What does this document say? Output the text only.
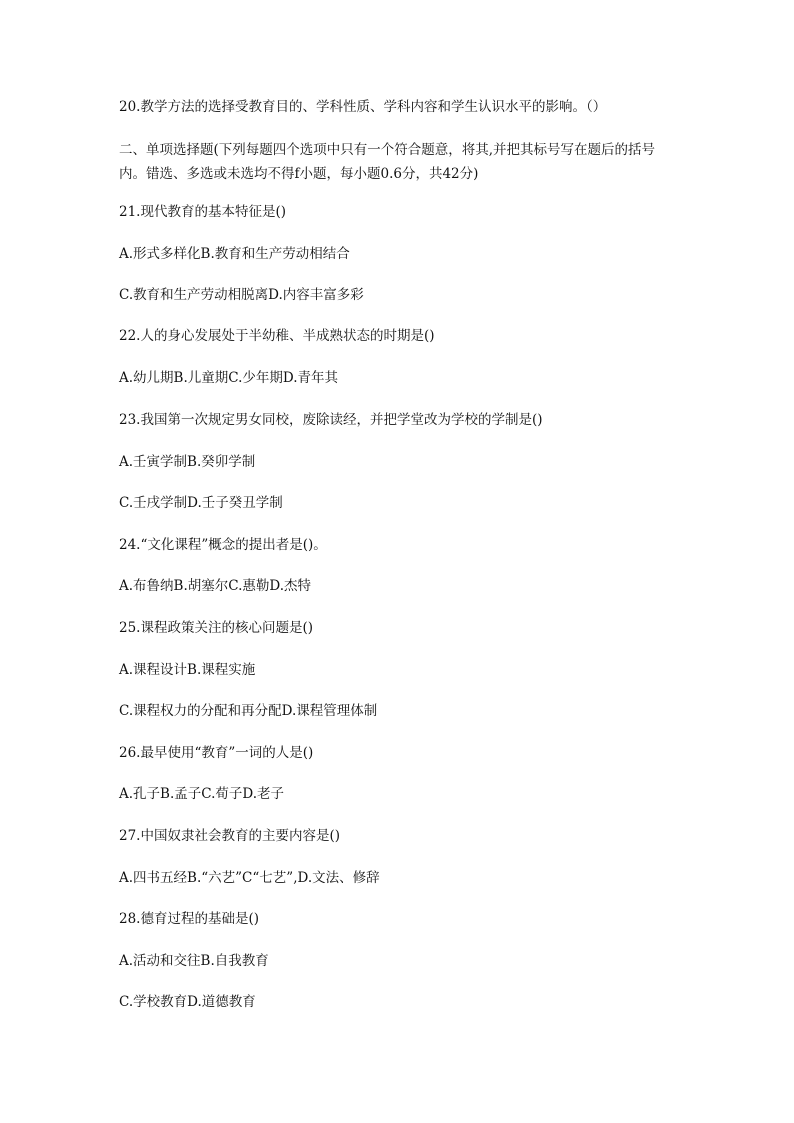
20.教学方法的选择受教育目的、学科性质、学科内容和学生认识水平的影响。（）
二、单项选择题(下列每题四个选项中只有一个符合题意，将其,并把其标号写在题后的括号内。错选、多选或未选均不得f小题，每小题0.6分，共42分)
21.现代教育的基本特征是()
A.形式多样化B.教育和生产劳动相结合
C.教育和生产劳动相脱离D.内容丰富多彩
22.人的身心发展处于半幼稚、半成熟状态的时期是()
A.幼儿期B.儿童期C.少年期D.青年其
23.我国第一次规定男女同校，废除读经，并把学堂改为学校的学制是()
A.壬寅学制B.癸卯学制
C.壬戌学制D.壬子癸丑学制
24.“文化课程”概念的提出者是()。
A.布鲁纳B.胡塞尔C.惠勒D.杰特
25.课程政策关注的核心问题是()
A.课程设计B.课程实施
C.课程权力的分配和再分配D.课程管理体制
26.最早使用“教育”一词的人是()
A.孔子B.孟子C.荀子D.老子
27.中国奴隶社会教育的主要内容是()
A.四书五经B.“六艺”C“七艺”,D.文法、修辞
28.德育过程的基础是()
A.活动和交往B.自我教育
C.学校教育D.道德教育
